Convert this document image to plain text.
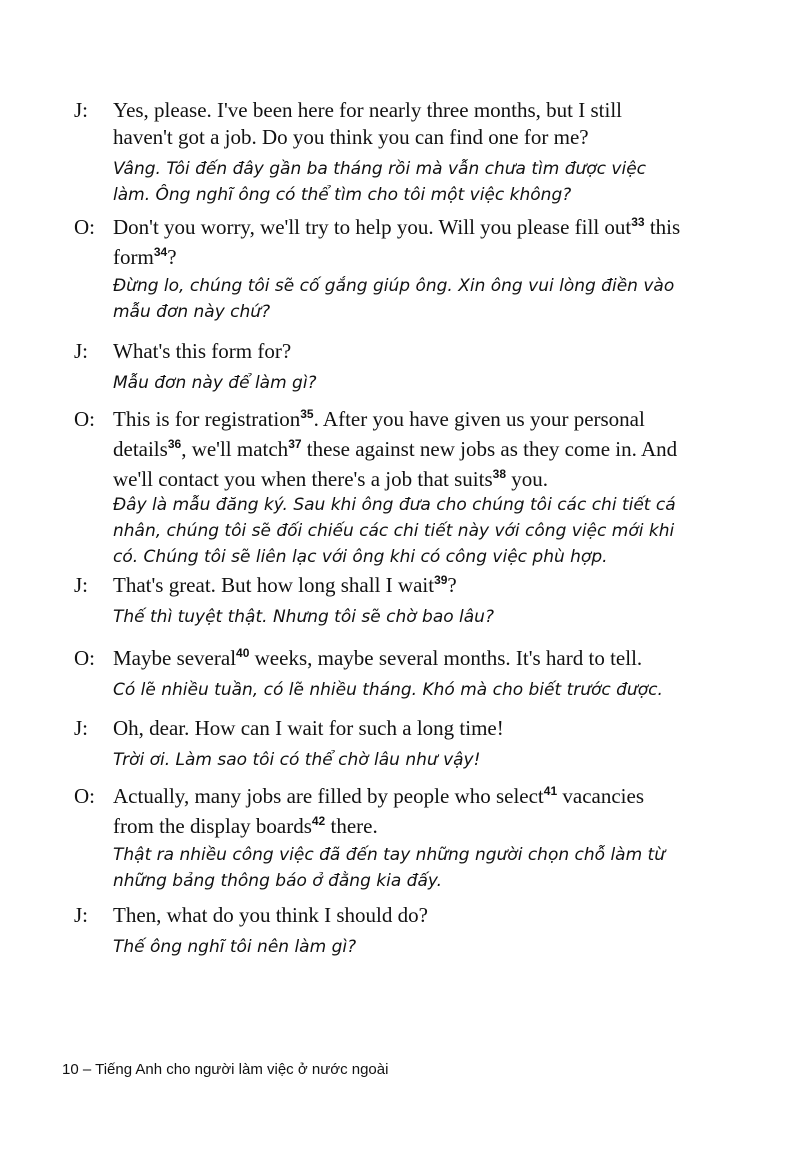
J: Yes, please. I've been here for nearly three months, but I still
haven't got a job. Do you think you can find one for me?
Vâng. Tôi đến đây gần ba tháng rồi mà vẫn chưa tìm được việc
làm. Ông nghĩ ông có thể tìm cho tôi một việc không?
O: Don't you worry, we'll try to help you. Will you please fill out$^{33}$ this
form$^{34}$?
Đừng lo, chúng tôi sẽ cố gắng giúp ông. Xin ông vui lòng điền vào
mẫu đơn này chứ?
J: What's this form for?
Mẫu đơn này để làm gì?
O: This is for registration$^{35}$. After you have given us your personal
details$^{36}$, we'll match$^{37}$ these against new jobs as they come in. And
we'll contact you when there's a job that suits$^{38}$ you.
Đây là mẫu đăng ký. Sau khi ông đưa cho chúng tôi các chi tiết cá
nhân, chúng tôi sẽ đối chiếu các chi tiết này với công việc mới khi
có. Chúng tôi sẽ liên lạc với ông khi có công việc phù hợp.
J: That's great. But how long shall I wait$^{39}$?
Thế thì tuyệt thật. Nhưng tôi sẽ chờ bao lâu?
O: Maybe several$^{40}$ weeks, maybe several months. It's hard to tell.
Có lẽ nhiều tuần, có lẽ nhiều tháng. Khó mà cho biết trước được.
J: Oh, dear. How can I wait for such a long time!
Trời ơi. Làm sao tôi có thể chờ lâu như vậy!
O: Actually, many jobs are filled by people who select$^{41}$ vacancies
from the display boards$^{42}$ there.
Thật ra nhiều công việc đã đến tay những người chọn chỗ làm từ
những bảng thông báo ở đằng kia đấy.
J: Then, what do you think I should do?
Thế ông nghĩ tôi nên làm gì?
10 – Tiếng Anh cho người làm việc ở nước ngoài
